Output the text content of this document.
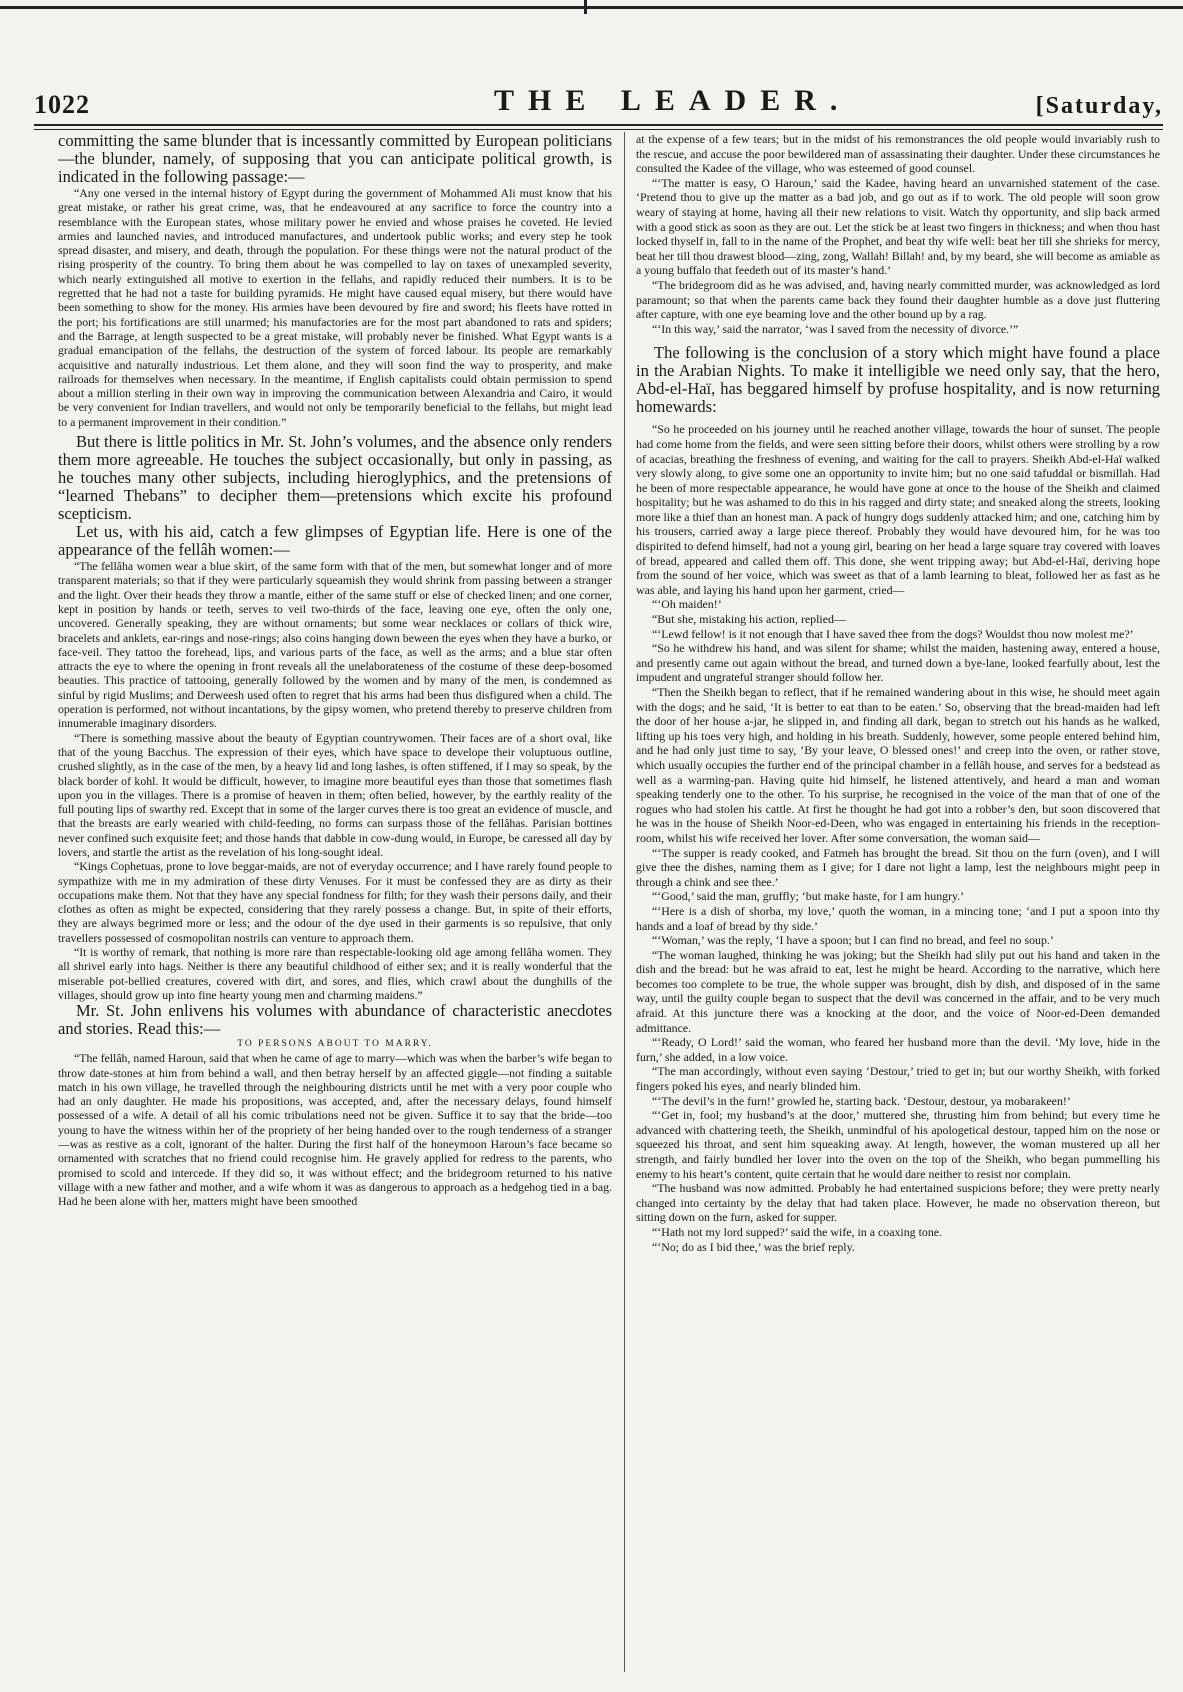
1022	THE LEADER.	[Saturday,

committing the same blunder that is incessantly committed by European politicians—the blunder, namely, of supposing that you can anticipate political growth, is indicated in the following passage:—

“Any one versed in the internal history of Egypt during the government of Mohammed Ali must know that his great mistake, or rather his great crime, was, that he endeavoured at any sacrifice to force the country into a resemblance with the European states, whose military power he envied and whose praises he coveted. He levied armies and launched navies, and introduced manufactures, and undertook public works; and every step he took spread disaster, and misery, and death, through the population. For these things were not the natural product of the rising prosperity of the country. To bring them about he was compelled to lay on taxes of unexampled severity, which nearly extinguished all motive to exertion in the fellahs, and rapidly reduced their numbers. It is to be regretted that he had not a taste for building pyramids. He might have caused equal misery, but there would have been something to show for the money. His armies have been devoured by fire and sword; his fleets have rotted in the port; his fortifications are still unarmed; his manufactories are for the most part abandoned to rats and spiders; and the Barrage, at length suspected to be a great mistake, will probably never be finished. What Egypt wants is a gradual emancipation of the fellahs, the destruction of the system of forced labour. Its people are remarkably acquisitive and naturally industrious. Let them alone, and they will soon find the way to prosperity, and make railroads for themselves when necessary. In the meantime, if English capitalists could obtain permission to spend about a million sterling in their own way in improving the communication between Alexandria and Cairo, it would be very convenient for Indian travellers, and would not only be temporarily beneficial to the fellahs, but might lead to a permanent improvement in their condition.”

But there is little politics in Mr. St. John’s volumes, and the absence only renders them more agreeable. He touches the subject occasionally, but only in passing, as he touches many other subjects, including hieroglyphics, and the pretensions of “learned Thebans” to decipher them—pretensions which excite his profound scepticism.

Let us, with his aid, catch a few glimpses of Egyptian life. Here is one of the appearance of the fellâh women:—

“The fellâha women wear a blue skirt, of the same form with that of the men, but somewhat longer and of more transparent materials; so that if they were particularly squeamish they would shrink from passing between a stranger and the light. Over their heads they throw a mantle, either of the same stuff or else of checked linen; and one corner, kept in position by hands or teeth, serves to veil two-thirds of the face, leaving one eye, often the only one, uncovered. Generally speaking, they are without ornaments; but some wear necklaces or collars of thick wire, bracelets and anklets, ear-rings and nose-rings; also coins hanging down beween the eyes when they have a burko, or face-veil. They tattoo the forehead, lips, and various parts of the face, as well as the arms; and a blue star often attracts the eye to where the opening in front reveals all the unelaborateness of the costume of these deep-bosomed beauties. This practice of tattooing, generally followed by the women and by many of the men, is condemned as sinful by rigid Muslims; and Derweesh used often to regret that his arms had been thus disfigured when a child. The operation is performed, not without incantations, by the gipsy women, who pretend thereby to preserve children from innumerable imaginary disorders.

“There is something massive about the beauty of Egyptian countrywomen. Their faces are of a short oval, like that of the young Bacchus. The expression of their eyes, which have space to develope their voluptuous outline, crushed slightly, as in the case of the men, by a heavy lid and long lashes, is often stiffened, if I may so speak, by the black border of kohl. It would be difficult, however, to imagine more beautiful eyes than those that sometimes flash upon you in the villages. There is a promise of heaven in them; often belied, however, by the earthly reality of the full pouting lips of swarthy red. Except that in some of the larger curves there is too great an evidence of muscle, and that the breasts are early wearied with child-feeding, no forms can surpass those of the fellâhas. Parisian bottines never confined such exquisite feet; and those hands that dabble in cow-dung would, in Europe, be caressed all day by lovers, and startle the artist as the revelation of his long-sought ideal.

“Kings Cophetuas, prone to love beggar-maids, are not of everyday occurrence; and I have rarely found people to sympathize with me in my admiration of these dirty Venuses. For it must be confessed they are as dirty as their occupations make them. Not that they have any special fondness for filth; for they wash their persons daily, and their clothes as often as might be expected, considering that they rarely possess a change. But, in spite of their efforts, they are always begrimed more or less; and the odour of the dye used in their garments is so repulsive, that only travellers possessed of cosmopolitan nostrils can venture to approach them.

“It is worthy of remark, that nothing is more rare than respectable-looking old age among fellâha women. They all shrivel early into hags. Neither is there any beautiful childhood of either sex; and it is really wonderful that the miserable pot-bellied creatures, covered with dirt, and sores, and flies, which crawl about the dunghills of the villages, should grow up into fine hearty young men and charming maidens.”

Mr. St. John enlivens his volumes with abundance of characteristic anecdotes and stories. Read this:—

TO PERSONS ABOUT TO MARRY.

“The fellâh, named Haroun, said that when he came of age to marry—which was when the barber’s wife began to throw date-stones at him from behind a wall, and then betray herself by an affected giggle—not finding a suitable match in his own village, he travelled through the neighbouring districts until he met with a very poor couple who had an only daughter. He made his propositions, was accepted, and, after the necessary delays, found himself possessed of a wife. A detail of all his comic tribulations need not be given. Suffice it to say that the bride—too young to have the witness within her of the propriety of her being handed over to the rough tenderness of a stranger—was as restive as a colt, ignorant of the halter. During the first half of the honeymoon Haroun’s face became so ornamented with scratches that no friend could recognise him. He gravely applied for redress to the parents, who promised to scold and intercede. If they did so, it was without effect; and the bridegroom returned to his native village with a new father and mother, and a wife whom it was as dangerous to approach as a hedgehog tied in a bag. Had he been alone with her, matters might have been smoothed

at the expense of a few tears; but in the midst of his remonstrances the old people would invariably rush to the rescue, and accuse the poor bewildered man of assassinating their daughter. Under these circumstances he consulted the Kadee of the village, who was esteemed of good counsel.

“‘The matter is easy, O Haroun,’ said the Kadee, having heard an unvarnished statement of the case. ‘Pretend thou to give up the matter as a bad job, and go out as if to work. The old people will soon grow weary of staying at home, having all their new relations to visit. Watch thy opportunity, and slip back armed with a good stick as soon as they are out. Let the stick be at least two fingers in thickness; and when thou hast locked thyself in, fall to in the name of the Prophet, and beat thy wife well: beat her till she shrieks for mercy, beat her till thou drawest blood—zing, zong, Wallah! Billah! and, by my beard, she will become as amiable as a young buffalo that feedeth out of its master’s hand.’

“The bridegroom did as he was advised, and, having nearly committed murder, was acknowledged as lord paramount; so that when the parents came back they found their daughter humble as a dove just fluttering after capture, with one eye beaming love and the other bound up by a rag.

“‘In this way,’ said the narrator, ‘was I saved from the necessity of divorce.’”

The following is the conclusion of a story which might have found a place in the Arabian Nights. To make it intelligible we need only say, that the hero, Abd-el-Haï, has beggared himself by profuse hospitality, and is now returning homewards:

“So he proceeded on his journey until he reached another village, towards the hour of sunset. The people had come home from the fields, and were seen sitting before their doors, whilst others were strolling by a row of acacias, breathing the freshness of evening, and waiting for the call to prayers. Sheikh Abd-el-Haï walked very slowly along, to give some one an opportunity to invite him; but no one said tafuddal or bismillah. Had he been of more respectable appearance, he would have gone at once to the house of the Sheikh and claimed hospitality; but he was ashamed to do this in his ragged and dirty state; and sneaked along the streets, looking more like a thief than an honest man. A pack of hungry dogs suddenly attacked him; and one, catching him by his trousers, carried away a large piece thereof. Probably they would have devoured him, for he was too dispirited to defend himself, had not a young girl, bearing on her head a large square tray covered with loaves of bread, appeared and called them off. This done, she went tripping away; but Abd-el-Haï, deriving hope from the sound of her voice, which was sweet as that of a lamb learning to bleat, followed her as fast as he was able, and laying his hand upon her garment, cried—

“‘Oh maiden!’

“But she, mistaking his action, replied—

“‘Lewd fellow! is it not enough that I have saved thee from the dogs? Wouldst thou now molest me?’

“So he withdrew his hand, and was silent for shame; whilst the maiden, hastening away, entered a house, and presently came out again without the bread, and turned down a bye-lane, looked fearfully about, lest the impudent and ungrateful stranger should follow her.

“Then the Sheikh began to reflect, that if he remained wandering about in this wise, he should meet again with the dogs; and he said, ‘It is better to eat than to be eaten.’ So, observing that the bread-maiden had left the door of her house a-jar, he slipped in, and finding all dark, began to stretch out his hands as he walked, lifting up his toes very high, and holding in his breath. Suddenly, however, some people entered behind him, and he had only just time to say, ‘By your leave, O blessed ones!’ and creep into the oven, or rather stove, which usually occupies the further end of the principal chamber in a fellâh house, and serves for a bedstead as well as a warming-pan. Having quite hid himself, he listened attentively, and heard a man and woman speaking tenderly one to the other. To his surprise, he recognised in the voice of the man that of one of the rogues who had stolen his cattle. At first he thought he had got into a robber’s den, but soon discovered that he was in the house of Sheikh Noor-ed-Deen, who was engaged in entertaining his friends in the reception-room, whilst his wife received her lover. After some conversation, the woman said—

“‘The supper is ready cooked, and Fatmeh has brought the bread. Sit thou on the furn (oven), and I will give thee the dishes, naming them as I give; for I dare not light a lamp, lest the neighbours might peep in through a chink and see thee.’

“‘Good,’ said the man, gruffly; ‘but make haste, for I am hungry.’

“‘Here is a dish of shorba, my love,’ quoth the woman, in a mincing tone; ‘and I put a spoon into thy hands and a loaf of bread by thy side.’

“‘Woman,’ was the reply, ‘I have a spoon; but I can find no bread, and feel no soup.’

“The woman laughed, thinking he was joking; but the Sheikh had slily put out his hand and taken in the dish and the bread: but he was afraid to eat, lest he might be heard. According to the narrative, which here becomes too complete to be true, the whole supper was brought, dish by dish, and disposed of in the same way, until the guilty couple began to suspect that the devil was concerned in the affair, and to be very much afraid. At this juncture there was a knocking at the door, and the voice of Noor-ed-Deen demanded admittance.

“‘Ready, O Lord!’ said the woman, who feared her husband more than the devil. ‘My love, hide in the furn,’ she added, in a low voice.

“The man accordingly, without even saying ‘Destour,’ tried to get in; but our worthy Sheikh, with forked fingers poked his eyes, and nearly blinded him.

“‘The devil’s in the furn!’ growled he, starting back. ‘Destour, destour, ya mobarakeen!’

“‘Get in, fool; my husband’s at the door,’ muttered she, thrusting him from behind; but every time he advanced with chattering teeth, the Sheikh, unmindful of his apologetical destour, tapped him on the nose or squeezed his throat, and sent him squeaking away. At length, however, the woman mustered up all her strength, and fairly bundled her lover into the oven on the top of the Sheikh, who began pummelling his enemy to his heart’s content, quite certain that he would dare neither to resist nor complain.

“The husband was now admitted. Probably he had entertained suspicions before; they were pretty nearly changed into certainty by the delay that had taken place. However, he made no observation thereon, but sitting down on the furn, asked for supper.

“‘Hath not my lord supped?’ said the wife, in a coaxing tone.

“‘No; do as I bid thee,’ was the brief reply.
